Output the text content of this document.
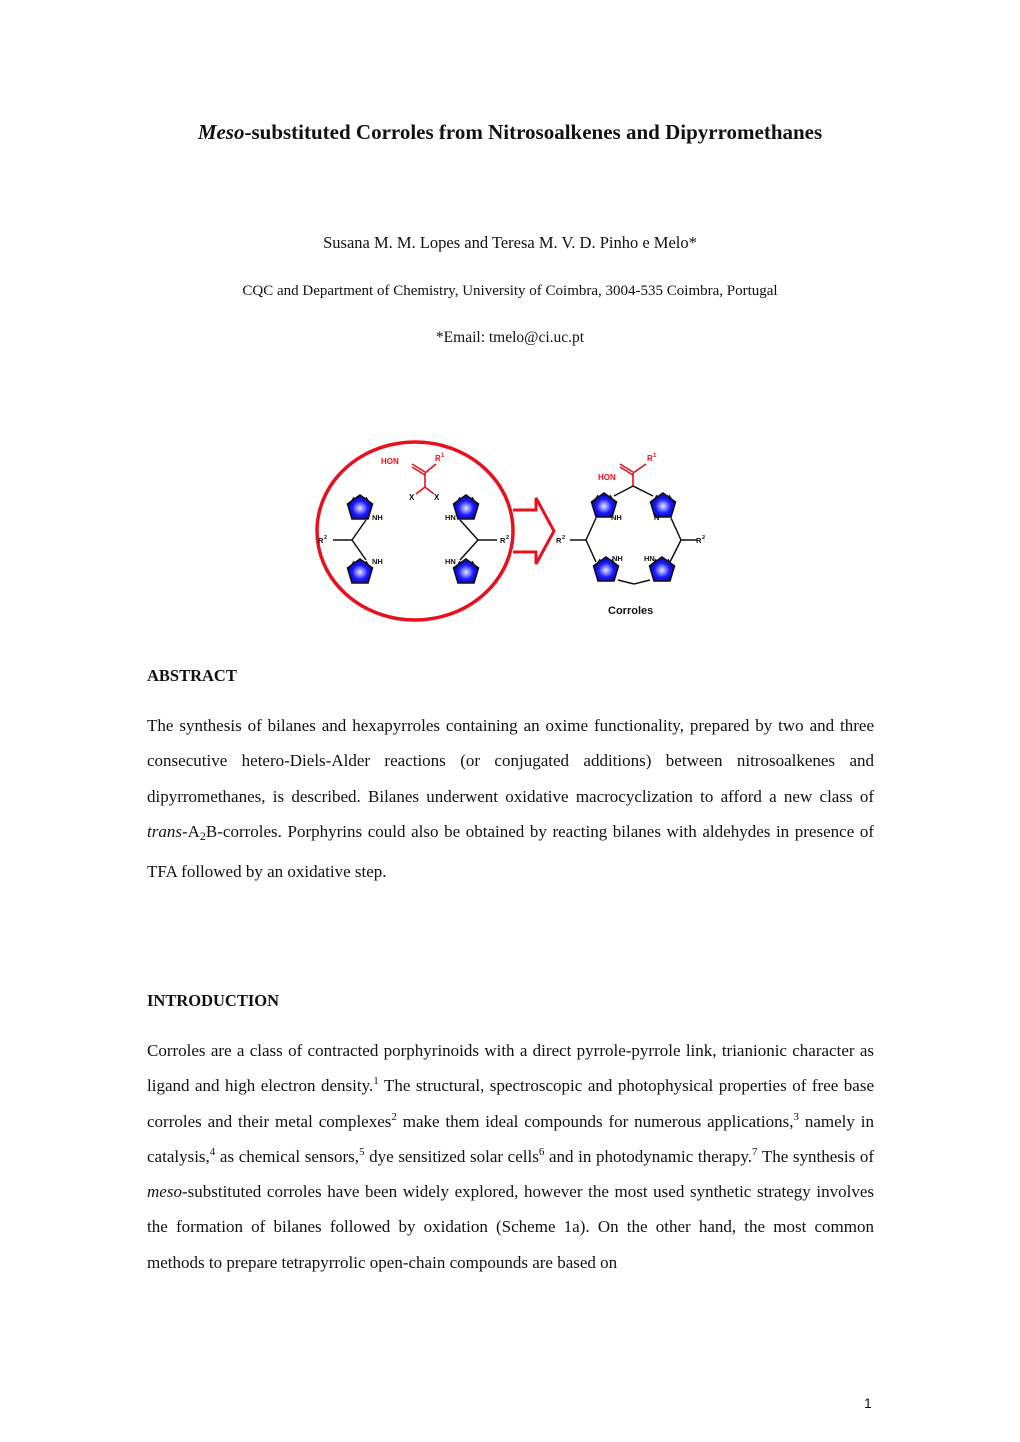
Meso-substituted Corroles from Nitrosoalkenes and Dipyrromethanes
Susana M. M. Lopes and Teresa M. V. D. Pinho e Melo*
CQC and Department of Chemistry, University of Coimbra, 3004-535 Coimbra, Portugal
*Email: tmelo@ci.uc.pt
HON	R 1
X X
NH
NH
HN
HN
R 2	R 2
HON
R 1
NH	N
NH	HN
R 2	R 2
Corroles
ABSTRACT
The synthesis of bilanes and hexapyrroles containing an oxime functionality, prepared by two and three consecutive hetero-Diels-Alder reactions (or conjugated additions) between nitrosoalkenes and dipyrromethanes, is described. Bilanes underwent oxidative macrocyclization to afford a new class of trans-$A_2B$-corroles. Porphyrins could also be obtained by reacting bilanes with aldehydes in presence of TFA followed by an oxidative step.
INTRODUCTION
Corroles are a class of contracted porphyrinoids with a direct pyrrole-pyrrole link, trianionic character as ligand and high electron density.$^1$ The structural, spectroscopic and photophysical properties of free base corroles and their metal complexes$^2$ make them ideal compounds for numerous applications,$^3$ namely in catalysis,$^4$ as chemical sensors,$^5$ dye sensitized solar cells$^6$ and in photodynamic therapy.$^7$ The synthesis of meso-substituted corroles have been widely explored, however the most used synthetic strategy involves the formation of bilanes followed by oxidation (Scheme 1a). On the other hand, the most common methods to prepare tetrapyrrolic open-chain compounds are based on
1
